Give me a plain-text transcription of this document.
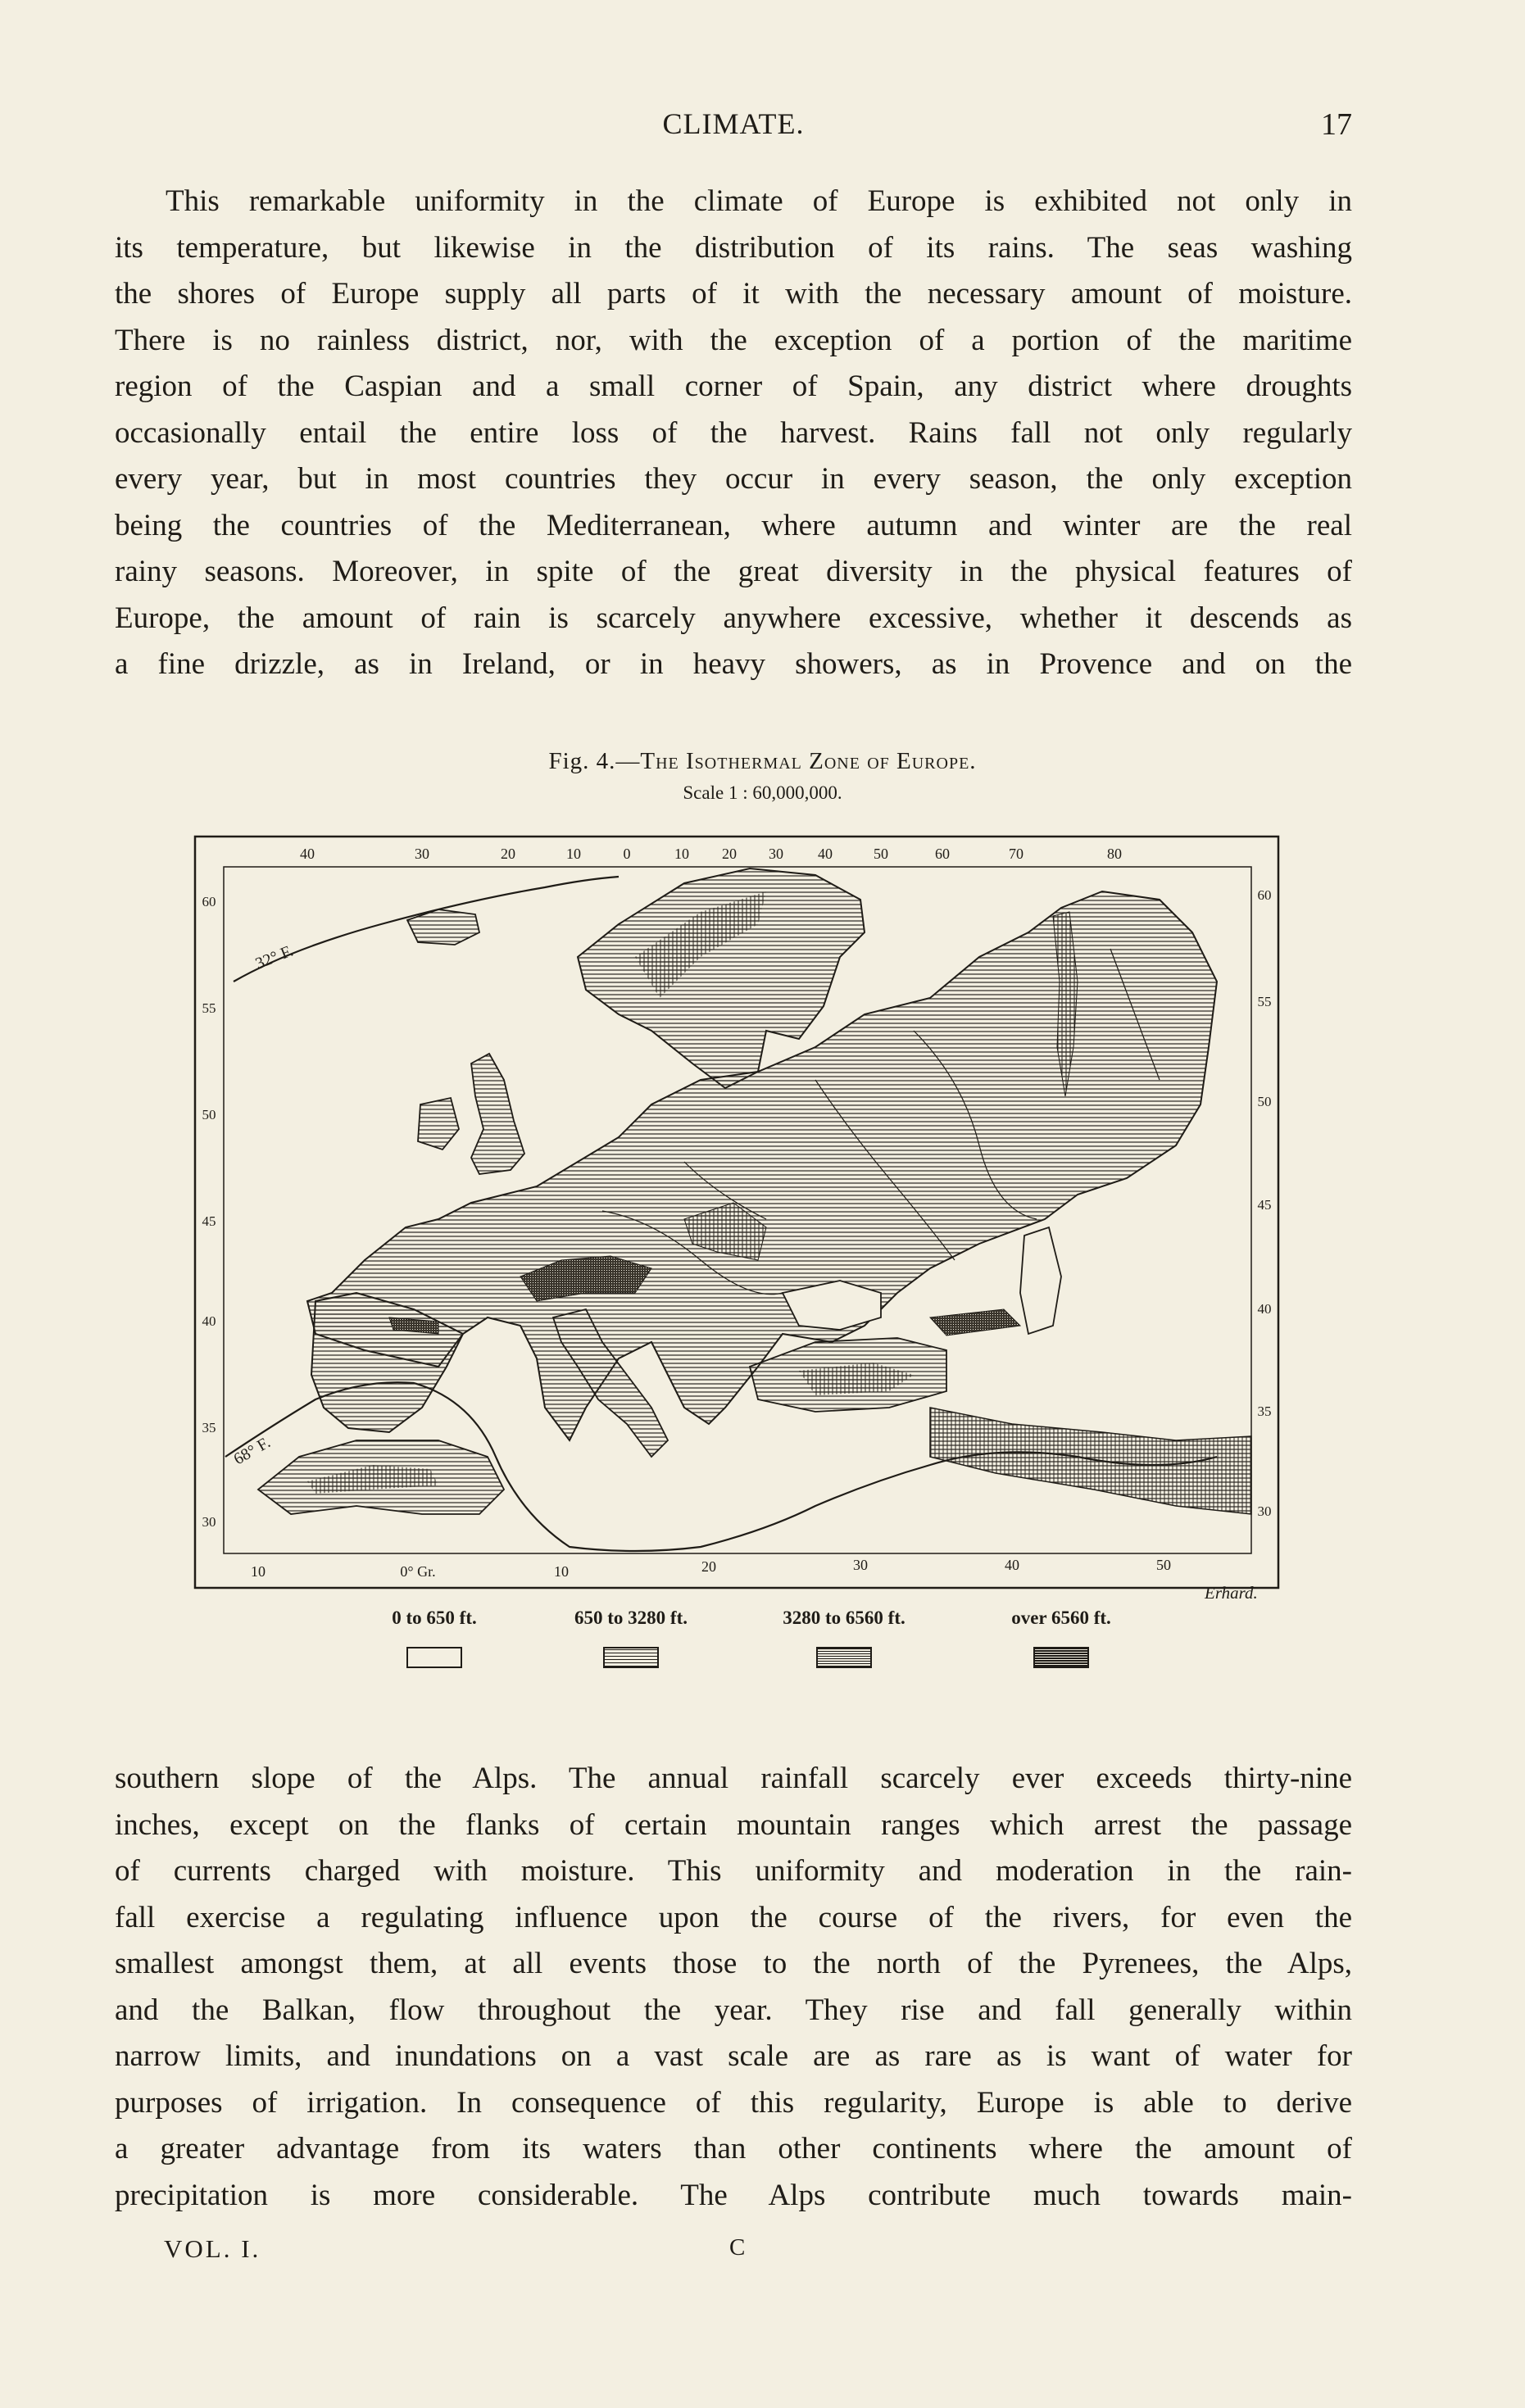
CLIMATE.	17
This remarkable uniformity in the climate of Europe is exhibited not only in
its temperature, but likewise in the distribution of its rains. The seas washing
the shores of Europe supply all parts of it with the necessary amount of moisture.
There is no rainless district, nor, with the exception of a portion of the maritime
region of the Caspian and a small corner of Spain, any district where droughts
occasionally entail the entire loss of the harvest. Rains fall not only regularly
every year, but in most countries they occur in every season, the only exception
being the countries of the Mediterranean, where autumn and winter are the real
rainy seasons. Moreover, in spite of the great diversity in the physical features of
Europe, the amount of rain is scarcely anywhere excessive, whether it descends as
a fine drizzle, as in Ireland, or in heavy showers, as in Provence and on the
Fig. 4.—The Isothermal Zone of Europe.
Scale 1 : 60,000,000.
40	30	20	10	0	10 20 30 40	50	60	70	80
10	0° Gr.	10	20	30	40	50
60
55
50
45
40
35
30
60
55
50
45
40
35
30
32° F.
68° F.
Erhard.
0 to 650 ft.	650 to 3280 ft.	3280 to 6560 ft.	over 6560 ft.
southern slope of the Alps. The annual rainfall scarcely ever exceeds thirty-nine
inches, except on the flanks of certain mountain ranges which arrest the passage
of currents charged with moisture. This uniformity and moderation in the rain-
fall exercise a regulating influence upon the course of the rivers, for even the
smallest amongst them, at all events those to the north of the Pyrenees, the Alps,
and the Balkan, flow throughout the year. They rise and fall generally within
narrow limits, and inundations on a vast scale are as rare as is want of water for
purposes of irrigation. In consequence of this regularity, Europe is able to derive
a greater advantage from its waters than other continents where the amount of
precipitation is more considerable. The Alps contribute much towards main-
VOL. I.	C
